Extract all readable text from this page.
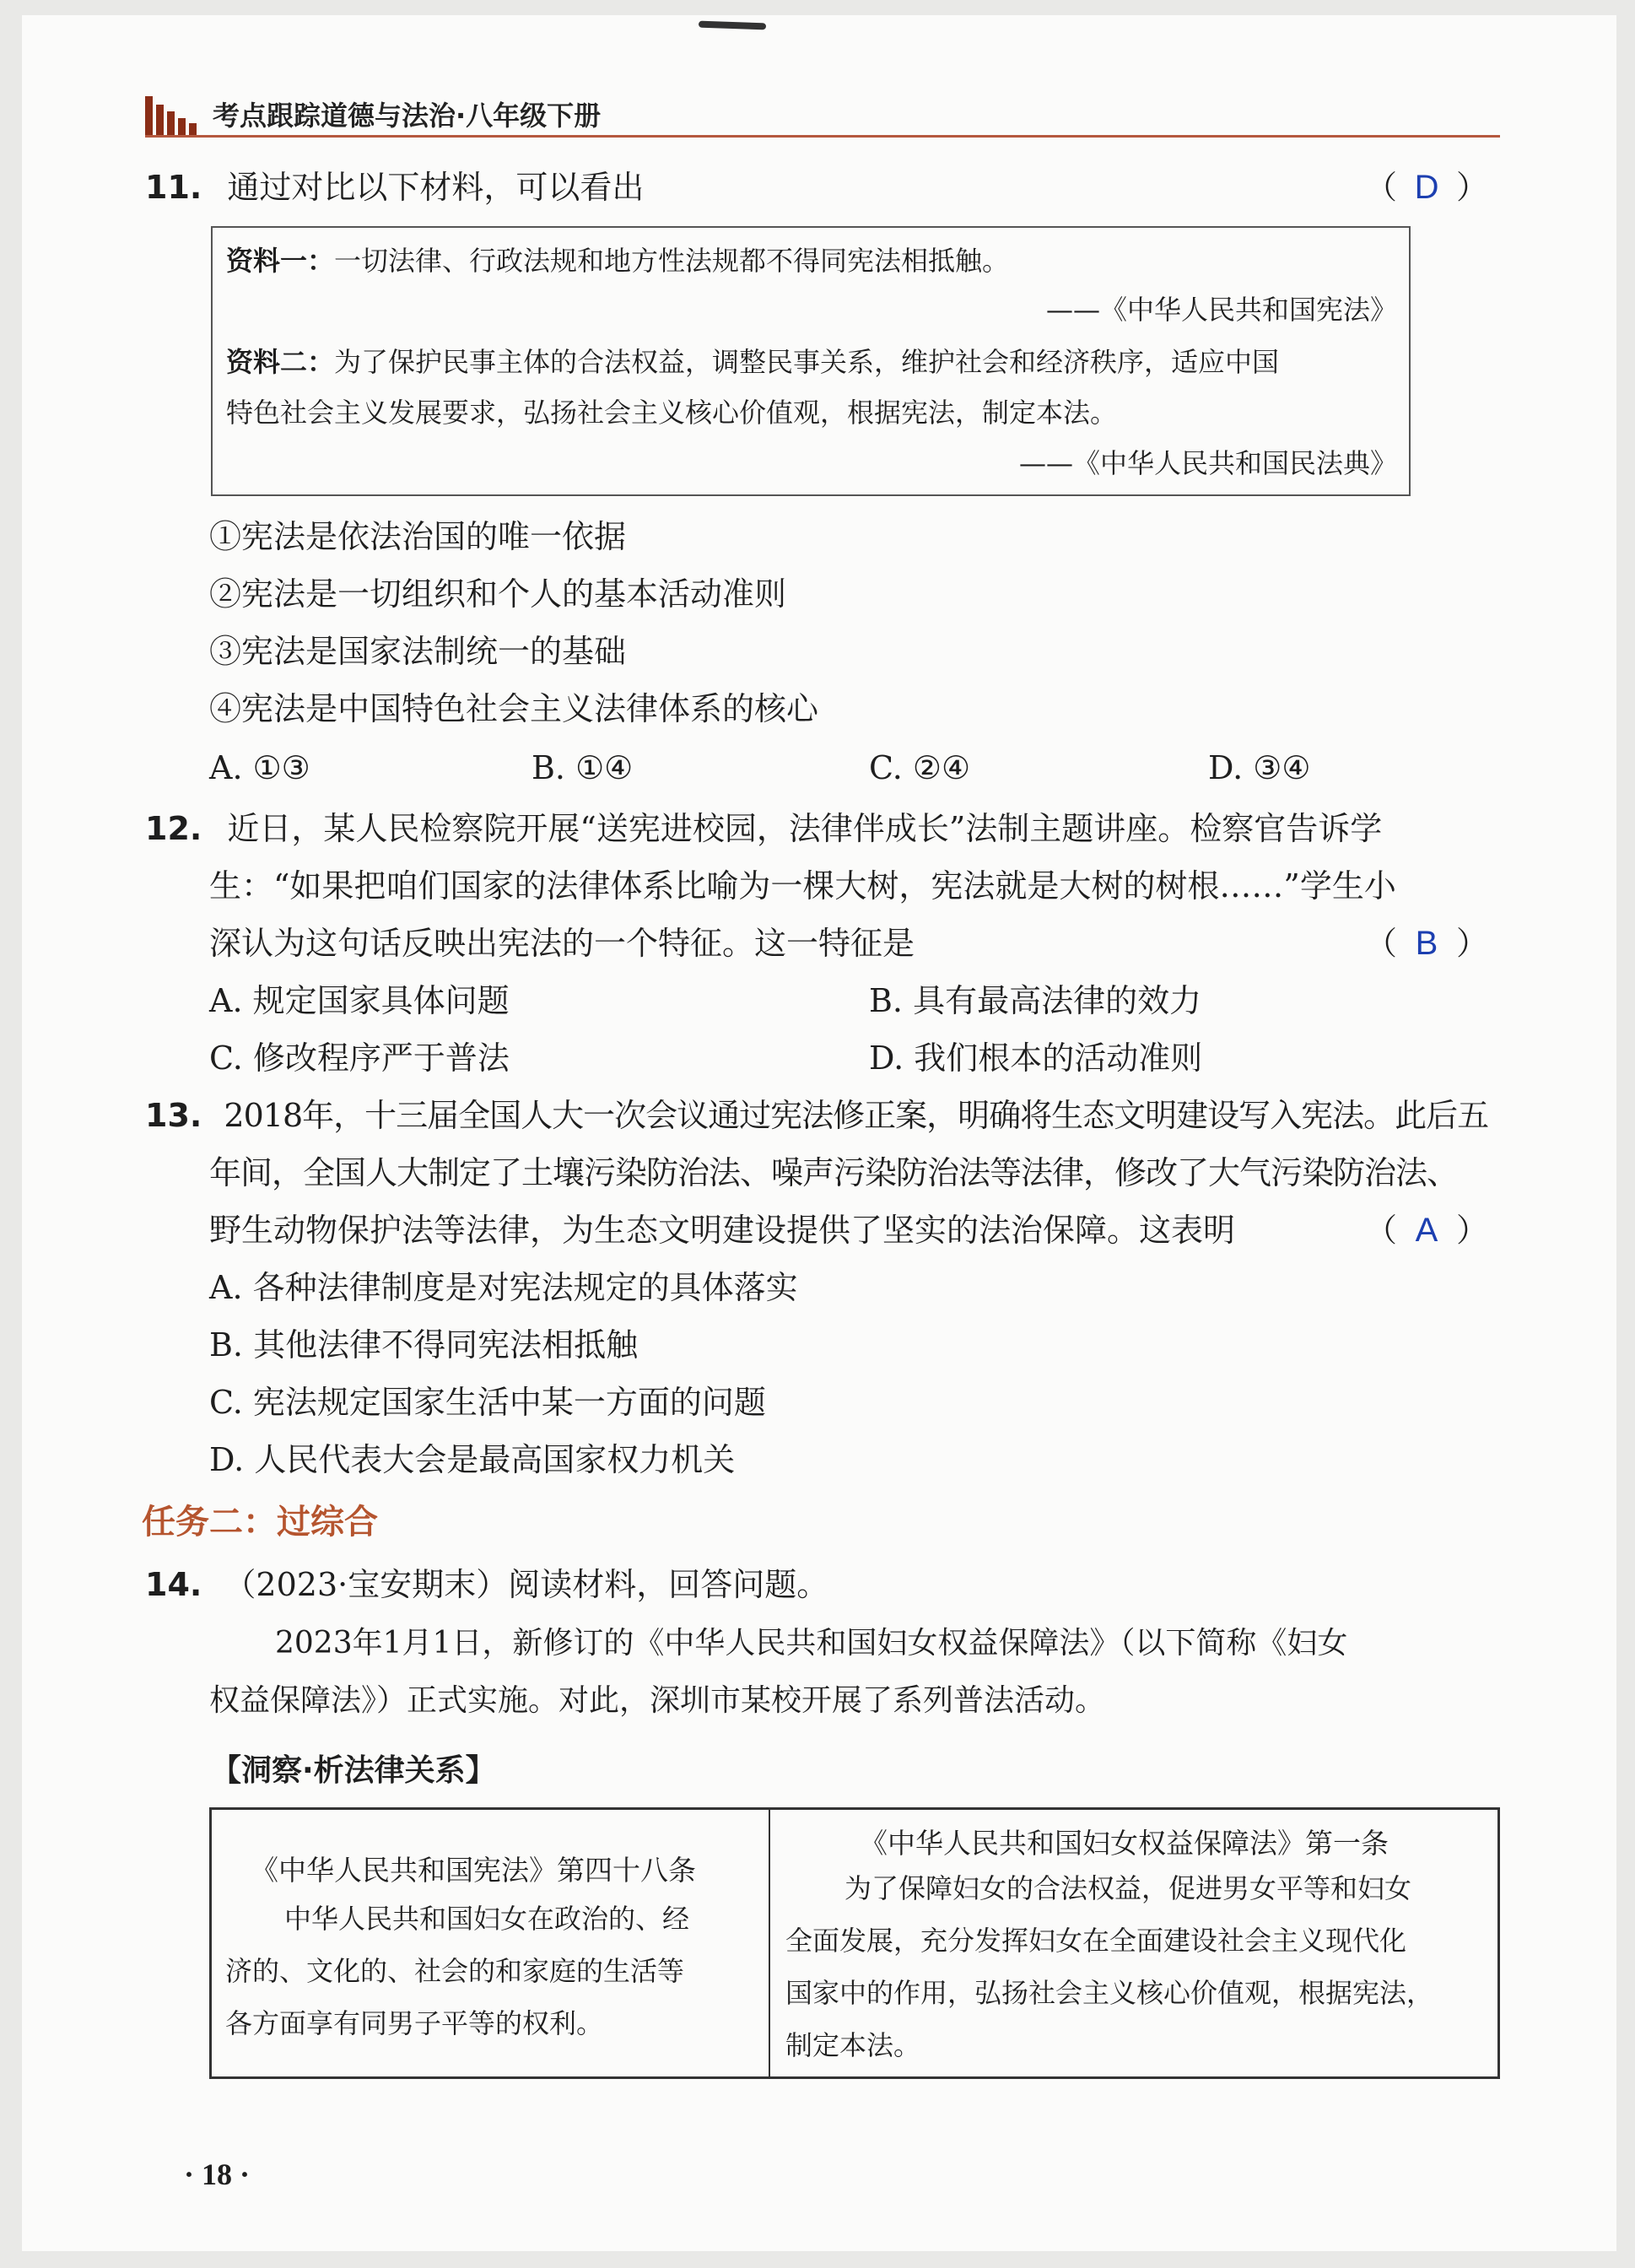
考点跟踪道德与法治·八年级下册
11. 通过对比以下材料，可以看出	（ D ）
资料一：一切法律、行政法规和地方性法规都不得同宪法相抵触。
——《中华人民共和国宪法》
资料二：为了保护民事主体的合法权益，调整民事关系，维护社会和经济秩序，适应中国
特色社会主义发展要求，弘扬社会主义核心价值观，根据宪法，制定本法。
——《中华人民共和国民法典》
①宪法是依法治国的唯一依据
②宪法是一切组织和个人的基本活动准则
③宪法是国家法制统一的基础
④宪法是中国特色社会主义法律体系的核心
A. ①③	B. ①④	C. ②④	D. ③④
12. 近日，某人民检察院开展“送宪进校园，法律伴成长”法制主题讲座。检察官告诉学
生：“如果把咱们国家的法律体系比喻为一棵大树，宪法就是大树的树根……”学生小
深认为这句话反映出宪法的一个特征。这一特征是	（ B ）
A. 规定国家具体问题	B. 具有最高法律的效力
C. 修改程序严于普法	D. 我们根本的活动准则
13. 2018年，十三届全国人大一次会议通过宪法修正案，明确将生态文明建设写入宪法。此后五
年间，全国人大制定了土壤污染防治法、噪声污染防治法等法律，修改了大气污染防治法、
野生动物保护法等法律，为生态文明建设提供了坚实的法治保障。这表明	（ A ）
A. 各种法律制度是对宪法规定的具体落实
B. 其他法律不得同宪法相抵触
C. 宪法规定国家生活中某一方面的问题
D. 人民代表大会是最高国家权力机关
任务二：过综合
14. （2023·宝安期末）阅读材料，回答问题。
2023年1月1日，新修订的《中华人民共和国妇女权益保障法》（以下简称《妇女
权益保障法》）正式实施。对此，深圳市某校开展了系列普法活动。
【洞察·析法律关系】
《中华人民共和国宪法》第四十八条
中华人民共和国妇女在政治的、经
济的、文化的、社会的和家庭的生活等
各方面享有同男子平等的权利。
《中华人民共和国妇女权益保障法》第一条
为了保障妇女的合法权益，促进男女平等和妇女
全面发展，充分发挥妇女在全面建设社会主义现代化
国家中的作用，弘扬社会主义核心价值观，根据宪法，
制定本法。
· 18 ·
